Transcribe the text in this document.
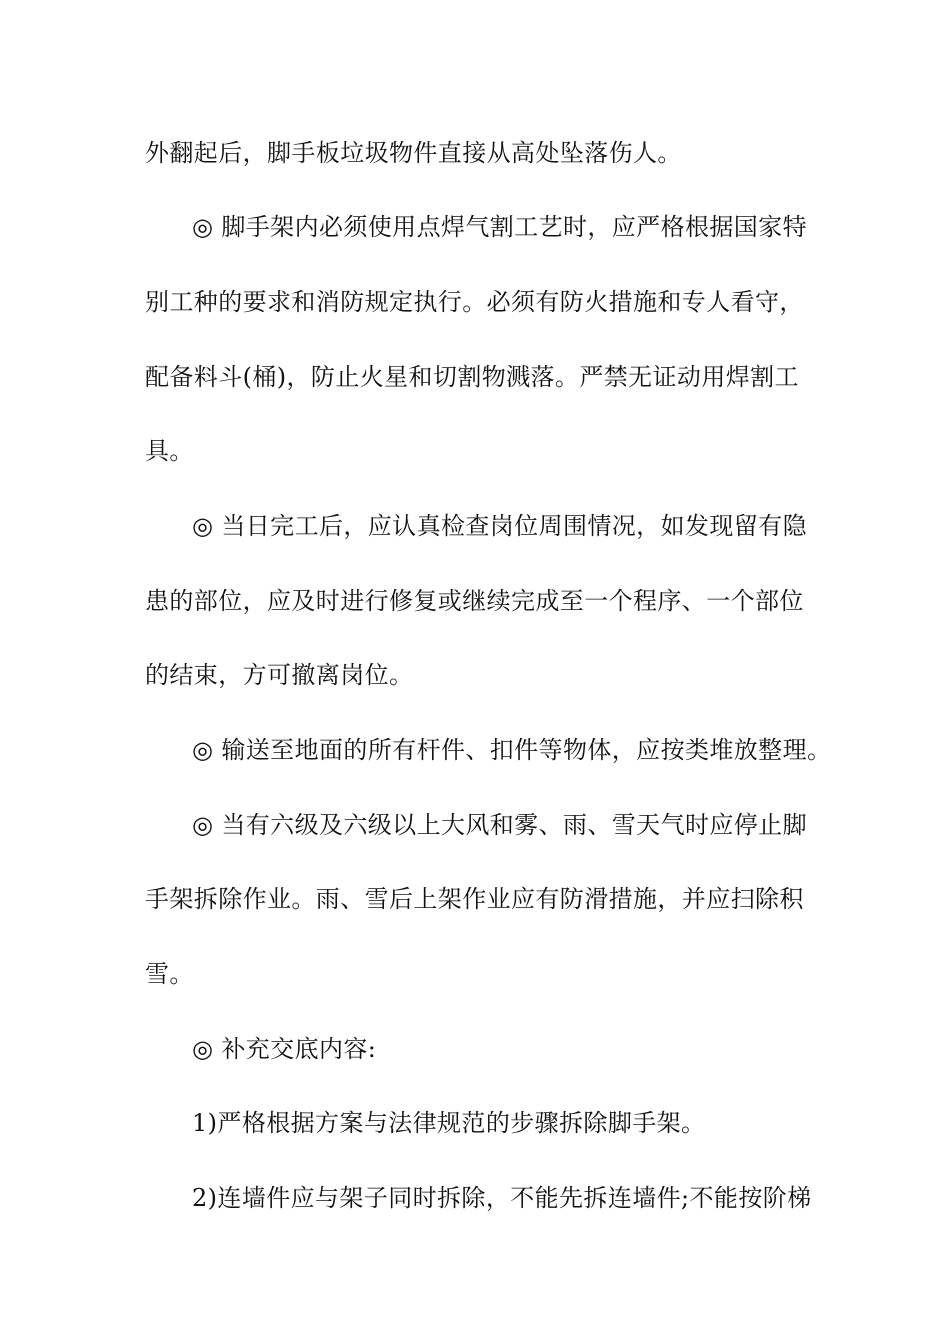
外翻起后，脚手板垃圾物件直接从高处坠落伤人。
◎ 脚手架内必须使用点焊气割工艺时，应严格根据国家特
别工种的要求和消防规定执行。必须有防火措施和专人看守，
配备料斗(桶)，防止火星和切割物溅落。严禁无证动用焊割工
具。
◎ 当日完工后，应认真检查岗位周围情况，如发现留有隐
患的部位，应及时进行修复或继续完成至一个程序、一个部位
的结束，方可撤离岗位。
◎ 输送至地面的所有杆件、扣件等物体，应按类堆放整理。
◎ 当有六级及六级以上大风和雾、雨、雪天气时应停止脚
手架拆除作业。雨、雪后上架作业应有防滑措施，并应扫除积
雪。
◎ 补充交底内容:
1)严格根据方案与法律规范的步骤拆除脚手架。
2)连墙件应与架子同时拆除，不能先拆连墙件;不能按阶梯
